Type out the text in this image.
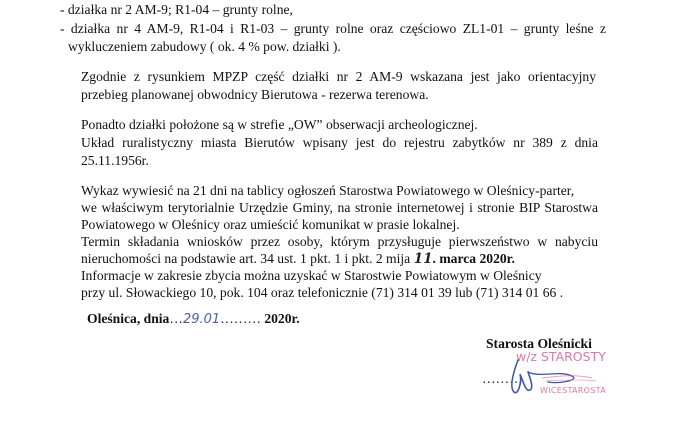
- działka nr 2 AM-9; R1-04 – grunty rolne,
- działka nr 4 AM-9, R1-04 i R1-03 – grunty rolne oraz częściowo ZL1-01 – grunty leśne z
wykluczeniem zabudowy ( ok. 4 % pow. działki ).
Zgodnie z rysunkiem MPZP część działki nr 2 AM-9 wskazana jest jako orientacyjny
przebieg planowanej obwodnicy Bierutowa - rezerwa terenowa.
Ponadto działki położone są w strefie „OW” obserwacji archeologicznej.
Układ ruralistyczny miasta Bierutów wpisany jest do rejestru zabytków nr 389 z dnia
25.11.1956r.
Wykaz wywiesić na 21 dni na tablicy ogłoszeń Starostwa Powiatowego w Oleśnicy-parter,
we właściwym terytorialnie Urzędzie Gminy, na stronie internetowej i stronie BIP Starostwa
Powiatowego w Oleśnicy oraz umieścić komunikat w prasie lokalnej.
Termin składania wniosków przez osoby, którym przysługuje pierwszeństwo w nabyciu
nieruchomości na podstawie art. 34 ust. 1 pkt. 1 i pkt. 2 mija 11. marca 2020r.
Informacje w zakresie zbycia można uzyskać w Starostwie Powiatowym w Oleśnicy
przy ul. Słowackiego 10, pok. 104 oraz telefonicznie (71) 314 01 39 lub (71) 314 01 66 .
Oleśnica, dnia…29.01……… 2020r.
Starosta Oleśnicki
w/z STAROSTY
………
WICESTAROSTA
